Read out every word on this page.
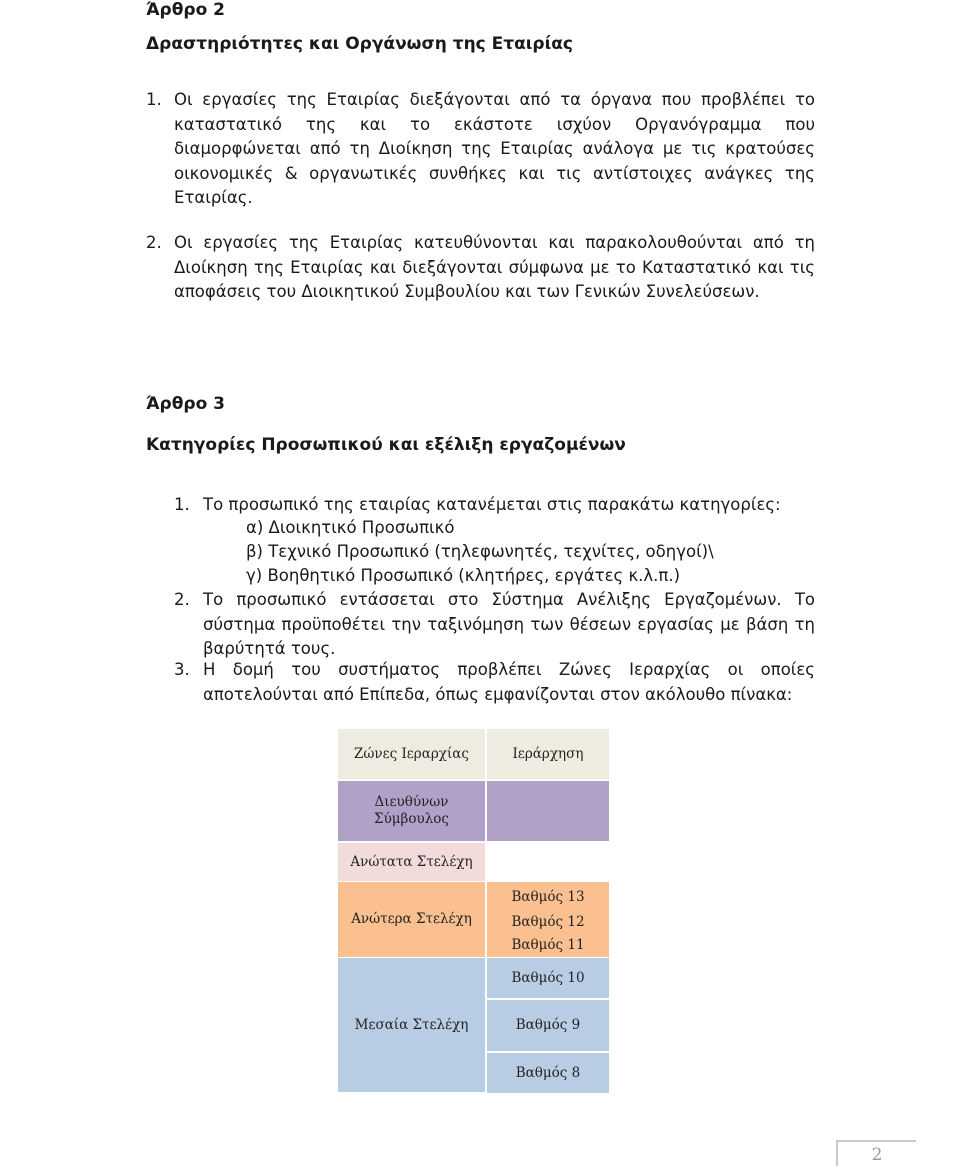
Άρθρο 2
Δραστηριότητες και Οργάνωση της Εταιρίας
1. Οι εργασίες της Εταιρίας διεξάγονται από τα όργανα που προβλέπει το καταστατικό της και το εκάστοτε ισχύον Οργανόγραμμα που διαμορφώνεται από τη Διοίκηση της Εταιρίας ανάλογα με τις κρατούσες οικονομικές & οργανωτικές συνθήκες και τις αντίστοιχες ανάγκες της Εταιρίας.
2. Οι εργασίες της Εταιρίας κατευθύνονται και παρακολουθούνται από τη Διοίκηση της Εταιρίας και διεξάγονται σύμφωνα με το Καταστατικό και τις αποφάσεις του Διοικητικού Συμβουλίου και των Γενικών Συνελεύσεων.
Άρθρο 3
Κατηγορίες Προσωπικού και εξέλιξη εργαζομένων
1. Το προσωπικό της εταιρίας κατανέμεται στις παρακάτω κατηγορίες:
α) Διοικητικό Προσωπικό
β) Τεχνικό Προσωπικό (τηλεφωνητές, τεχνίτες, οδηγοί)\
γ) Βοηθητικό Προσωπικό (κλητήρες, εργάτες κ.λ.π.)
2. Το προσωπικό εντάσσεται στο Σύστημα Ανέλιξης Εργαζομένων. Το σύστημα προϋποθέτει την ταξινόμηση των θέσεων εργασίας με βάση τη βαρύτητά τους.
3. Η δομή του συστήματος προβλέπει Ζώνες Ιεραρχίας οι οποίες αποτελούνται από Επίπεδα, όπως εμφανίζονται στον ακόλουθο πίνακα:
Ζώνες Ιεραρχίας	Ιεράρχηση
Διευθύνων Σύμβουλος
Ανώτατα Στελέχη
Ανώτερα Στελέχη
Βαθμός 13
Βαθμός 12
Βαθμός 11
Μεσαία Στελέχη
Βαθμός 10
Βαθμός 9
Βαθμός 8
2
